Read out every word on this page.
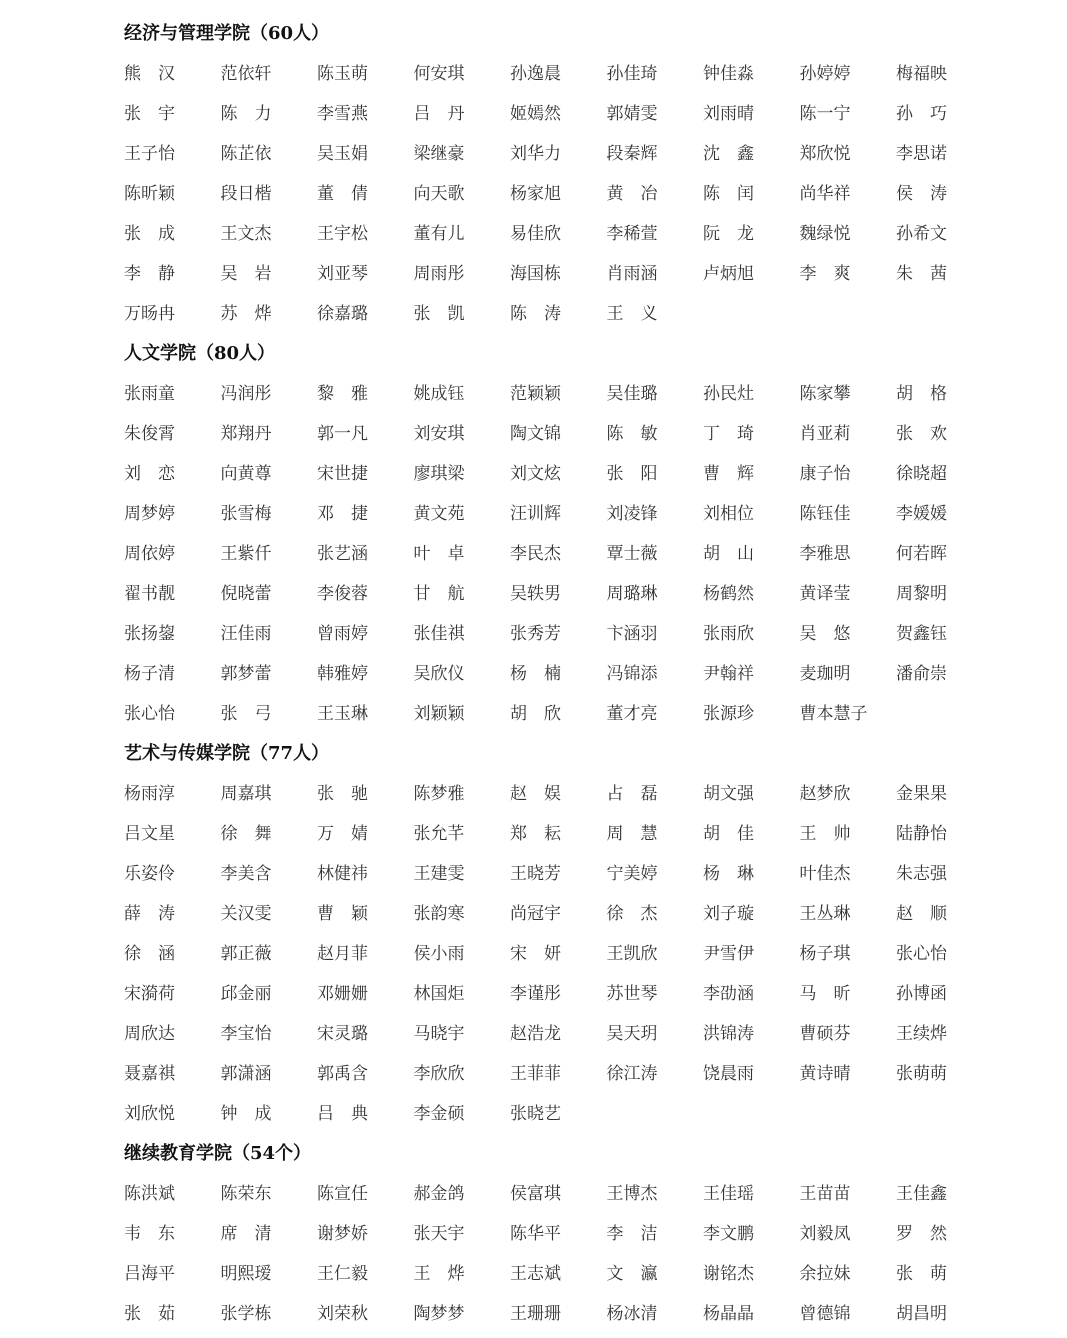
经济与管理学院（60人）
熊　汉	范依轩	陈玉萌	何安琪	孙逸晨	孙佳琦	钟佳淼	孙婷婷	梅福映
张　宇	陈　力	李雪燕	吕　丹	姬嫣然	郭婧雯	刘雨晴	陈一宁	孙　巧
王子怡	陈芷依	吴玉娟	梁继豪	刘华力	段秦辉	沈　鑫	郑欣悦	李思诺
陈昕颖	段日楷	董　倩	向天歌	杨家旭	黄　冶	陈　闰	尚华祥	侯　涛
张　成	王文杰	王宇松	董有儿	易佳欣	李稀萱	阮　龙	魏绿悦	孙希文
李　静	吴　岩	刘亚琴	周雨彤	海国栋	肖雨涵	卢炳旭	李　爽	朱　茜
万旸冉	苏　烨	徐嘉璐	张　凯	陈　涛	王　义
人文学院（80人）
张雨童	冯润彤	黎　雅	姚成钰	范颖颖	吴佳璐	孙民灶	陈家攀	胡　格
朱俊霄	郑翔丹	郭一凡	刘安琪	陶文锦	陈　敏	丁　琦	肖亚莉	张　欢
刘　恋	向黄尊	宋世捷	廖琪梁	刘文炫	张　阳	曹　辉	康子怡	徐晓超
周梦婷	张雪梅	邓　捷	黄文苑	汪训辉	刘凌锋	刘相位	陈钰佳	李媛媛
周依婷	王紫仟	张艺涵	叶　卓	李民杰	覃士薇	胡　山	李雅思	何若晖
翟书靓	倪晓蕾	李俊蓉	甘　航	吴轶男	周璐琳	杨鹤然	黄译莹	周黎明
张扬鋆	汪佳雨	曾雨婷	张佳祺	张秀芳	卞涵羽	张雨欣	吴　悠	贺鑫钰
杨子清	郭梦蕾	韩雅婷	吴欣仪	杨　楠	冯锦添	尹翰祥	麦珈明	潘俞崇
张心怡	张　弓	王玉琳	刘颖颖	胡　欣	董才亮	张源珍	曹本慧子
艺术与传媒学院（77人）
杨雨淳	周嘉琪	张　驰	陈梦雅	赵　娱	占　磊	胡文强	赵梦欣	金果果
吕文星	徐　舞	万　婧	张允芊	郑　耘	周　慧	胡　佳	王　帅	陆静怡
乐姿伶	李美含	林健祎	王建雯	王晓芳	宁美婷	杨　琳	叶佳杰	朱志强
薛　涛	关汉雯	曹　颖	张韵寒	尚冠宇	徐　杰	刘子璇	王丛琳	赵　顺
徐　涵	郭正薇	赵月菲	侯小雨	宋　妍	王凯欣	尹雪伊	杨子琪	张心怡
宋漪荷	邱金丽	邓姗姗	林国炬	李谨彤	苏世琴	李劭涵	马　昕	孙博函
周欣达	李宝怡	宋灵璐	马晓宇	赵浩龙	吴天玥	洪锦涛	曹硕芬	王续烨
聂嘉祺	郭潇涵	郭禹含	李欣欣	王菲菲	徐江涛	饶晨雨	黄诗晴	张萌萌
刘欣悦	钟　成	吕　典	李金硕	张晓艺
继续教育学院（54个）
陈洪斌	陈荣东	陈宣任	郝金鸽	侯富琪	王博杰	王佳瑶	王苗苗	王佳鑫
韦　东	席　清	谢梦娇	张天宇	陈华平	李　洁	李文鹏	刘毅凤	罗　然
吕海平	明熙瑷	王仁毅	王　烨	王志斌	文　瀛	谢铭杰	余拉妹	张　萌
张　茹	张学栋	刘荣秋	陶梦梦	王珊珊	杨冰清	杨晶晶	曾德锦	胡昌明
